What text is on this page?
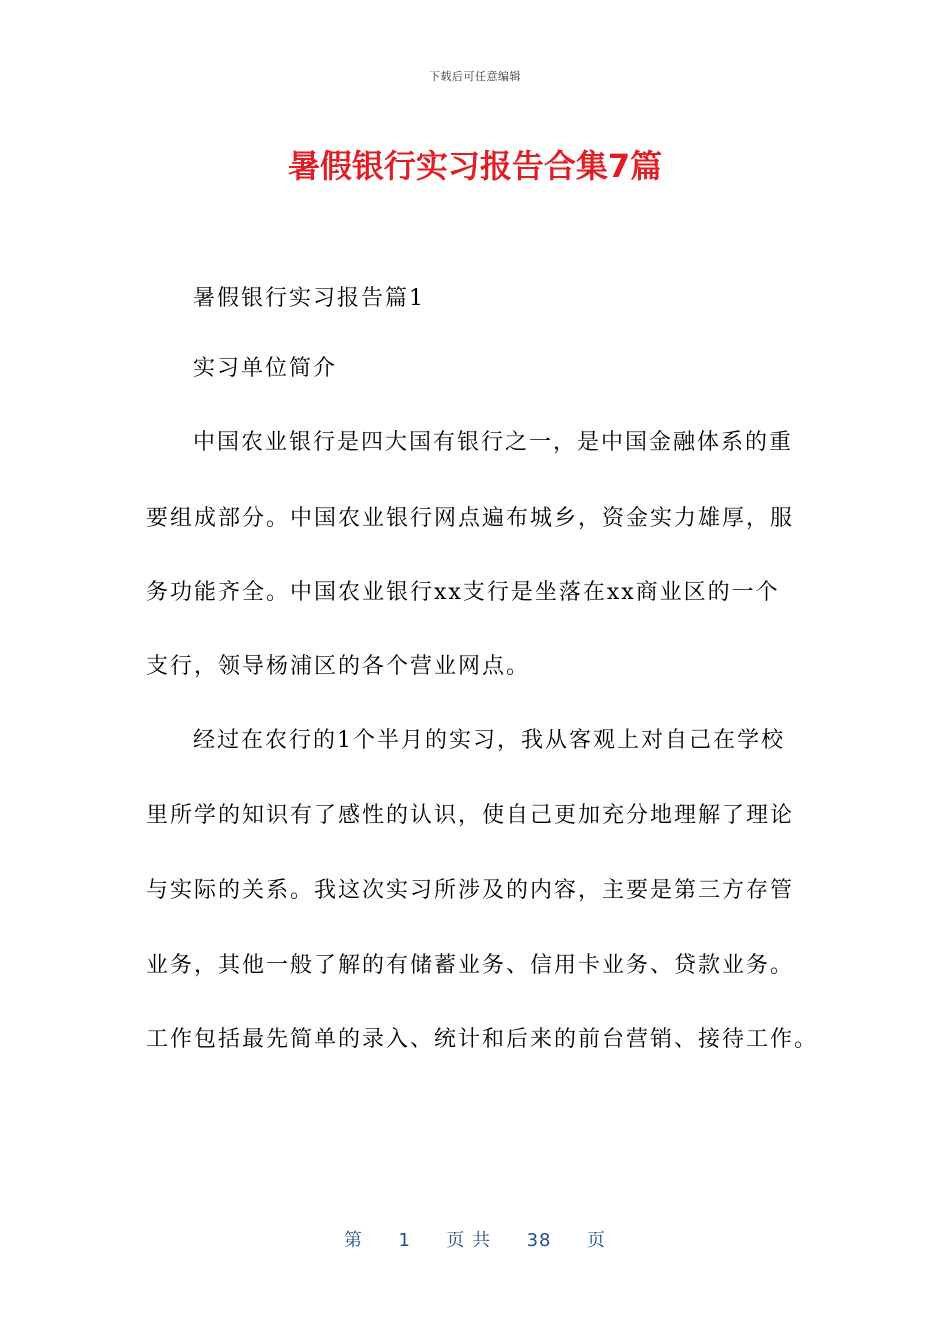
下载后可任意编辑
暑假银行实习报告合集7篇

暑假银行实习报告篇1

实习单位简介

中国农业银行是四大国有银行之一，是中国金融体系的重

要组成部分。中国农业银行网点遍布城乡，资金实力雄厚，服

务功能齐全。中国农业银行xx支行是坐落在xx商业区的一个

支行，领导杨浦区的各个营业网点。

经过在农行的1个半月的实习，我从客观上对自己在学校

里所学的知识有了感性的认识，使自己更加充分地理解了理论

与实际的关系。我这次实习所涉及的内容，主要是第三方存管

业务，其他一般了解的有储蓄业务、信用卡业务、贷款业务。

工作包括最先简单的录入、统计和后来的前台营销、接待工作。

第 1 页 共 38 页
